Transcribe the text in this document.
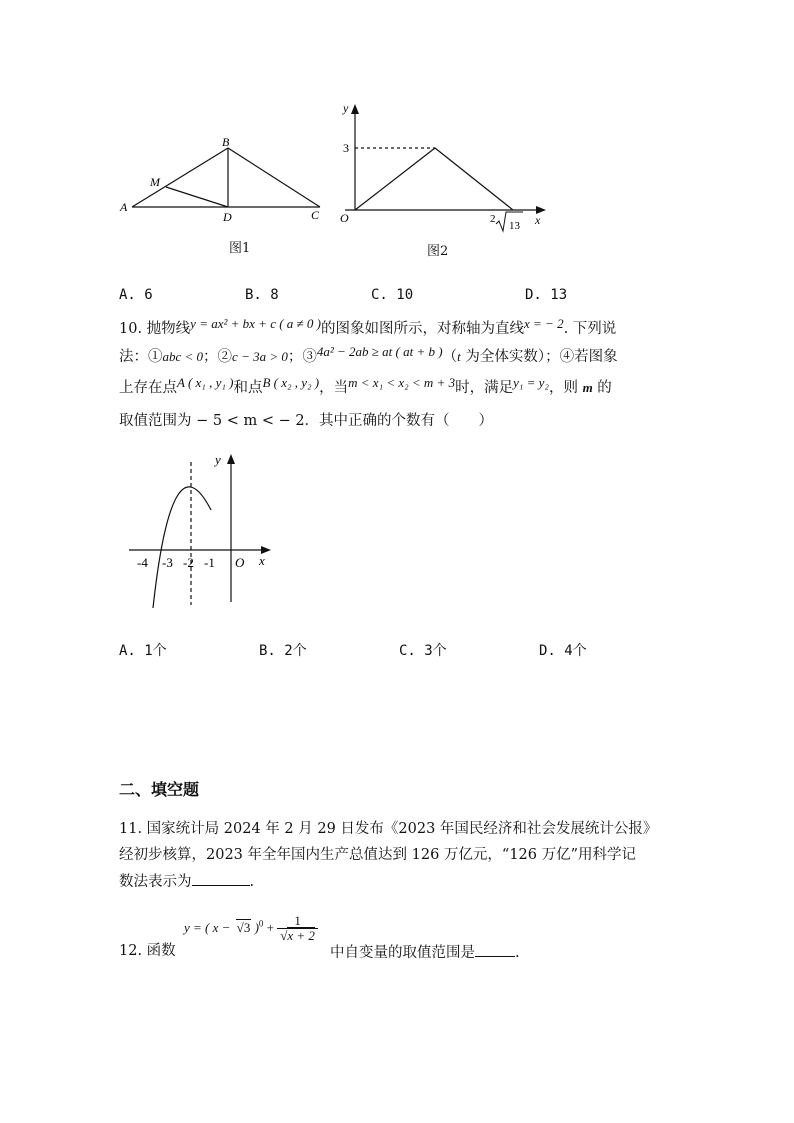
A
B
M
D	C
图1
y
x
O
3
2
13
图2
A. 6	B. 8	C. 10	D. 13
10. 抛物线y = ax² + bx + c ( a ≠ 0 )的图象如图所示，对称轴为直线x = − 2. 下列说
法：①abc < 0；②c − 3a > 0；③4a² − 2ab ≥ at ( at + b )（t 为全体实数）；④若图象
上存在点A ( x₁ , y₁ )和点B ( x₂ , y₂ )，当m < x₁ < x₂ < m + 3时，满足y₁ = y₂，则 m 的
取值范围为 − 5 < m < − 2．其中正确的个数有（　　）
y
x
O
-4 -3 -2 -1
A. 1个	B. 2个	C. 3个	D. 4个
二、填空题
11. 国家统计局 2024 年 2 月 29 日发布《2023 年国民经济和社会发展统计公报》
经初步核算，2023 年全年国内生产总值达到 126 万亿元，“126 万亿”用科学记
数法表示为	.
12. 函数
y = ( x − √3 )$^0 + \frac{1}{√x + 2}$
中自变量的取值范围是	.
